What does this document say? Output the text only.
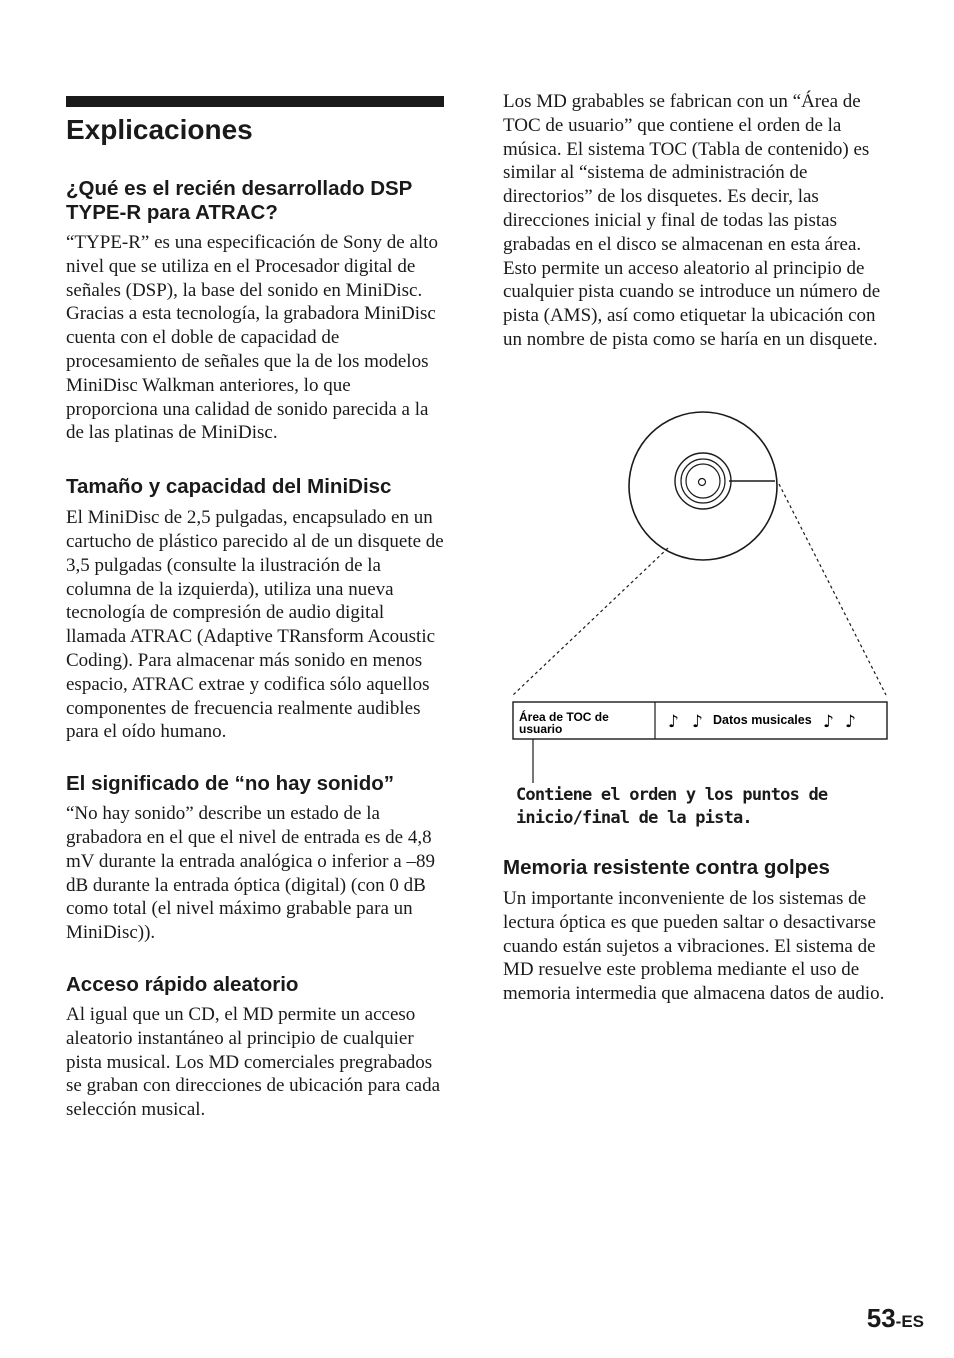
Explicaciones
¿Qué es el recién desarrollado DSP TYPE-R para ATRAC?

“TYPE-R” es una especificación de Sony de alto nivel que se utiliza en el Procesador digital de señales (DSP), la base del sonido en MiniDisc. Gracias a esta tecnología, la grabadora MiniDisc cuenta con el doble de capacidad de procesamiento de señales que la de los modelos MiniDisc Walkman anteriores, lo que proporciona una calidad de sonido parecida a la de las platinas de MiniDisc.

Tamaño y capacidad del MiniDisc

El MiniDisc de 2,5 pulgadas, encapsulado en un cartucho de plástico parecido al de un disquete de 3,5 pulgadas (consulte la ilustración de la columna de la izquierda), utiliza una nueva tecnología de compresión de audio digital llamada ATRAC (Adaptive TRansform Acoustic Coding). Para almacenar más sonido en menos espacio, ATRAC extrae y codifica sólo aquellos componentes de frecuencia realmente audibles para el oído humano.

El significado de “no hay sonido”

“No hay sonido” describe un estado de la grabadora en el que el nivel de entrada es de 4,8 mV durante la entrada analógica o inferior a –89 dB durante la entrada óptica (digital) (con 0 dB como total (el nivel máximo grabable para un MiniDisc)).

Acceso rápido aleatorio

Al igual que un CD, el MD permite un acceso aleatorio instantáneo al principio de cualquier pista musical. Los MD comerciales pregrabados se graban con direcciones de ubicación para cada selección musical.

Los MD grabables se fabrican con un “Área de TOC de usuario” que contiene el orden de la música. El sistema TOC (Tabla de contenido) es similar al “sistema de administración de directorios” de los disquetes. Es decir, las direcciones inicial y final de todas las pistas grabadas en el disco se almacenan en esta área. Esto permite un acceso aleatorio al principio de cualquier pista cuando se introduce un número de pista (AMS), así como etiquetar la ubicación con un nombre de pista como se haría en un disquete.

Área de TOC de
usuario	♪ ♪ Datos musicales ♪ ♪

Contiene el orden y los puntos de inicio/final de la pista.

Memoria resistente contra golpes

Un importante inconveniente de los sistemas de lectura óptica es que pueden saltar o desactivarse cuando están sujetos a vibraciones. El sistema de MD resuelve este problema mediante el uso de memoria intermedia que almacena datos de audio.

53-ES
